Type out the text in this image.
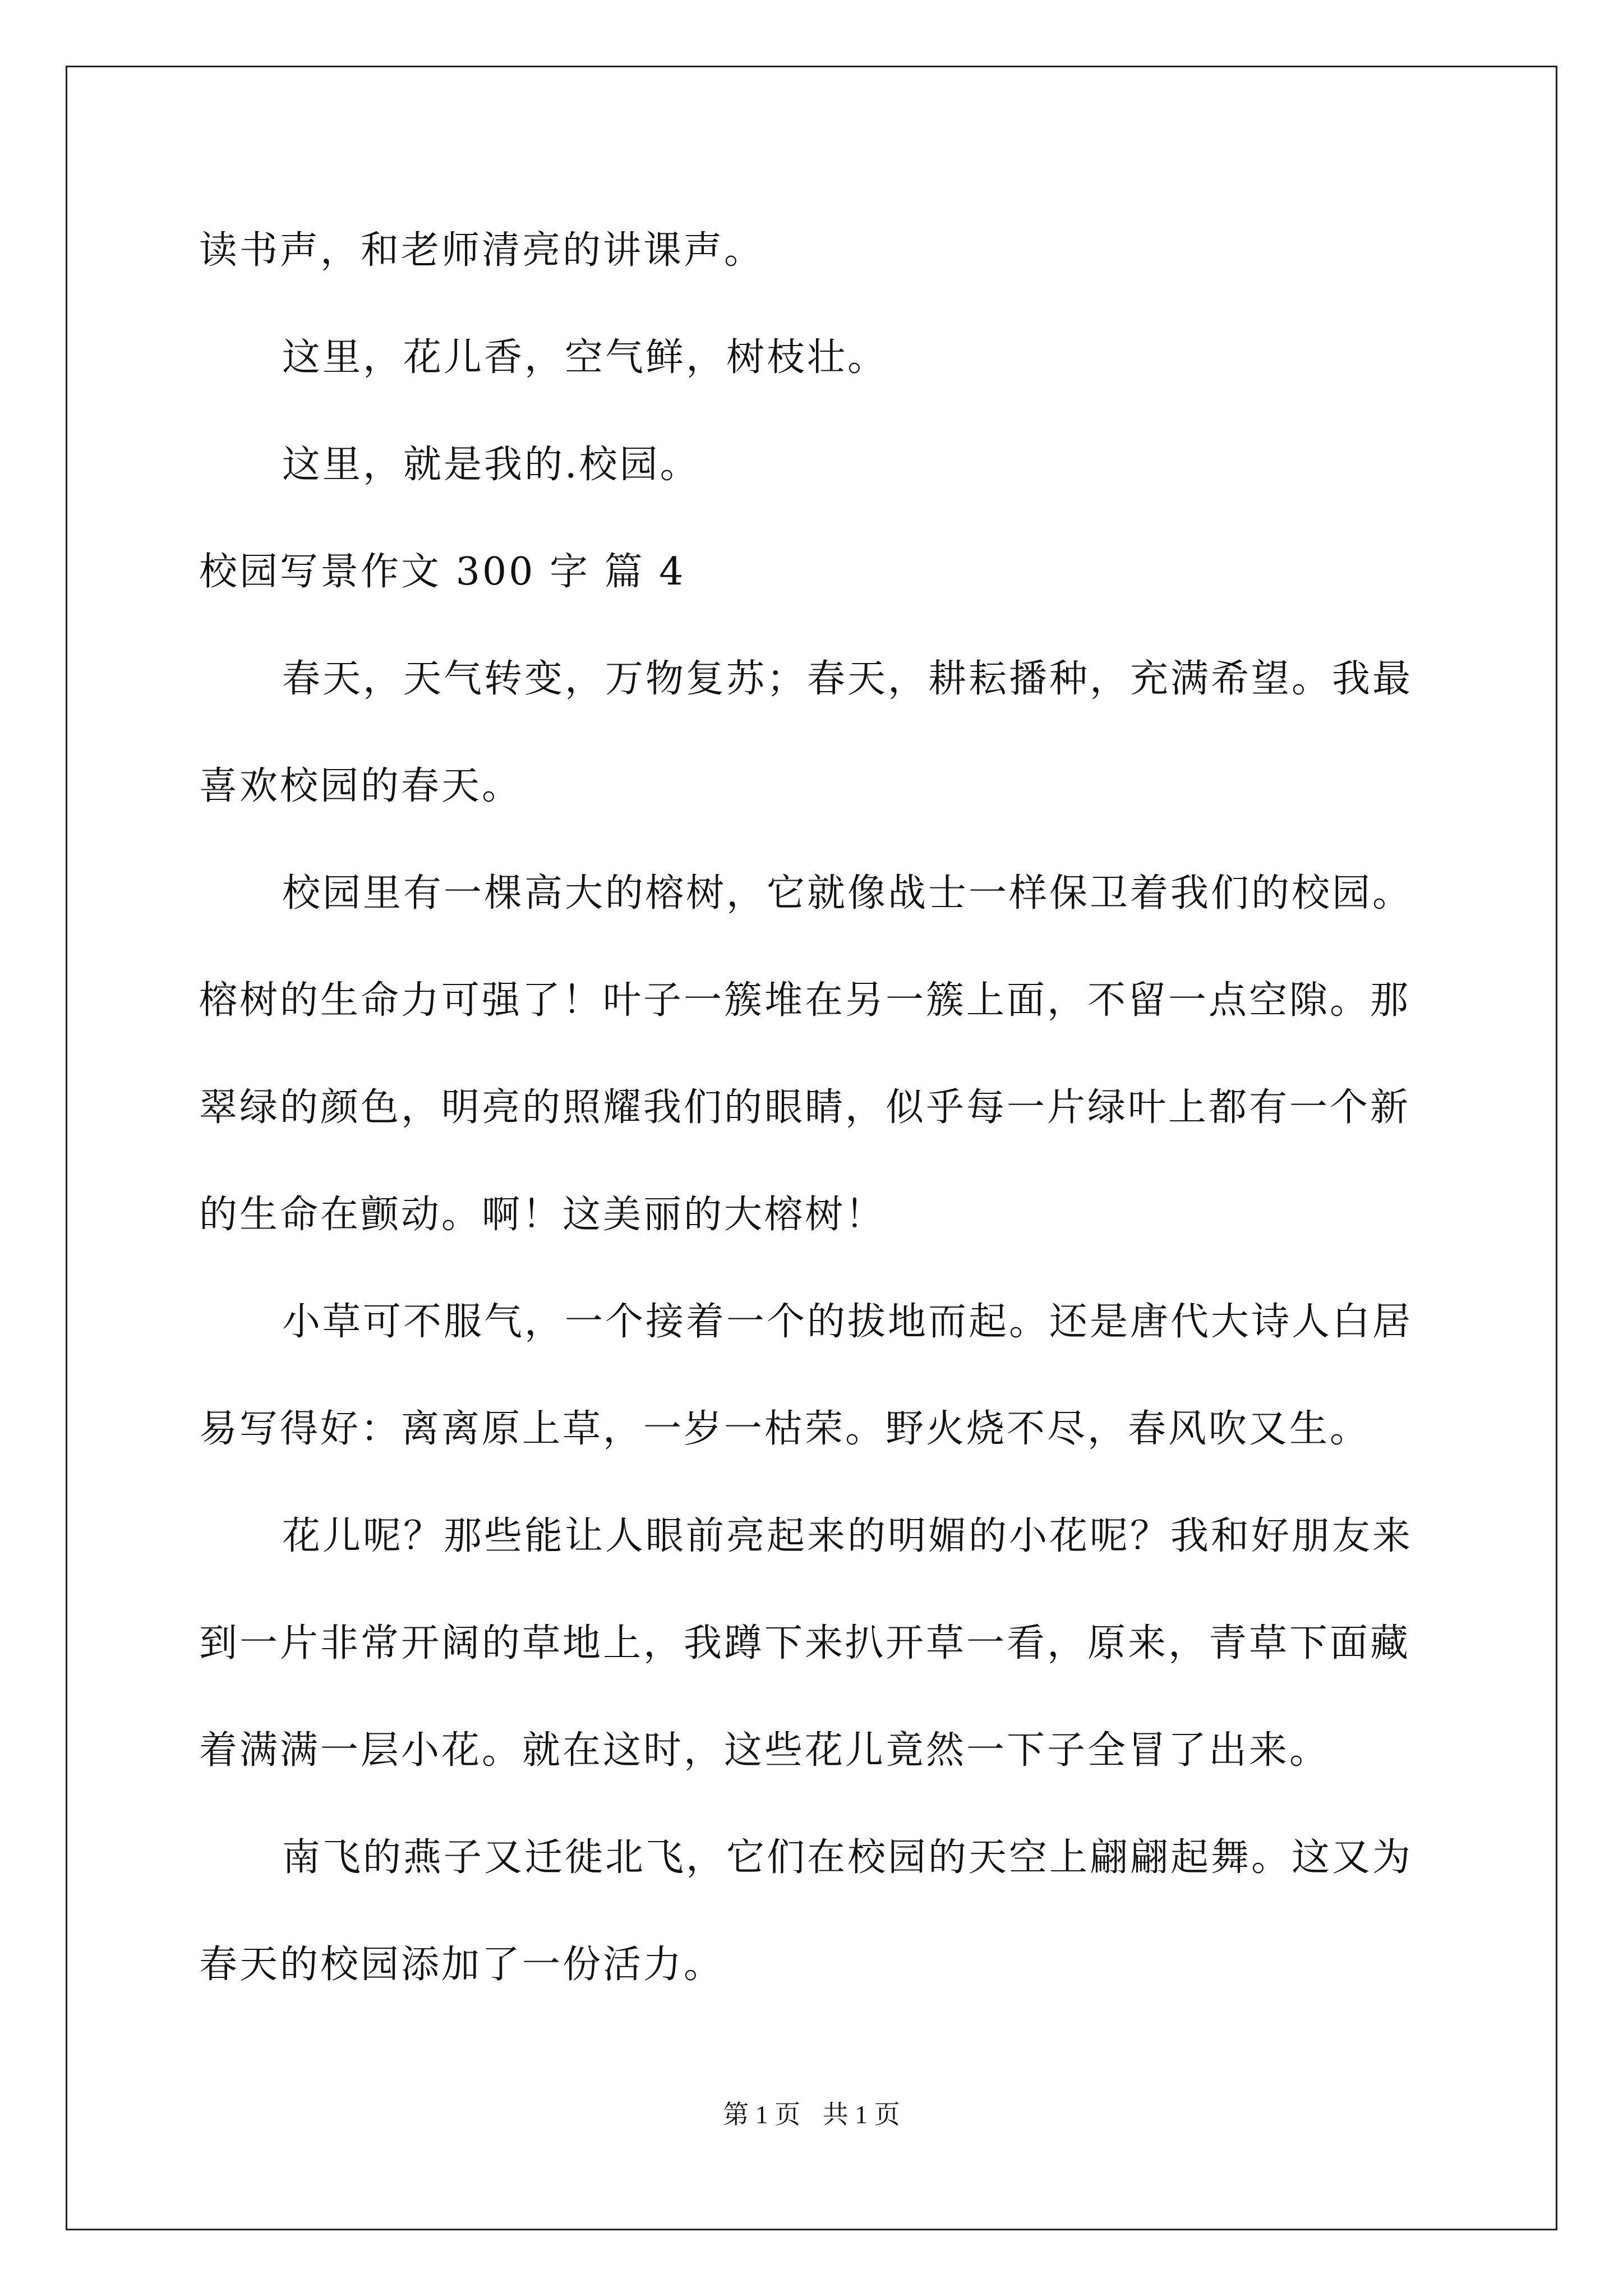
读书声，和老师清亮的讲课声。
这里，花儿香，空气鲜，树枝壮。
这里，就是我的.校园。
校园写景作文 300 字 篇 4
春天，天气转变，万物复苏；春天，耕耘播种，充满希望。我最
喜欢校园的春天。
校园里有一棵高大的榕树，它就像战士一样保卫着我们的校园。
榕树的生命力可强了！叶子一簇堆在另一簇上面，不留一点空隙。那
翠绿的颜色，明亮的照耀我们的眼睛，似乎每一片绿叶上都有一个新
的生命在颤动。啊！这美丽的大榕树！
小草可不服气，一个接着一个的拔地而起。还是唐代大诗人白居
易写得好：离离原上草，一岁一枯荣。野火烧不尽，春风吹又生。
花儿呢？那些能让人眼前亮起来的明媚的小花呢？我和好朋友来
到一片非常开阔的草地上，我蹲下来扒开草一看，原来，青草下面藏
着满满一层小花。就在这时，这些花儿竟然一下子全冒了出来。
南飞的燕子又迁徙北飞，它们在校园的天空上翩翩起舞。这又为
春天的校园添加了一份活力。
第 1 页 共 1 页
